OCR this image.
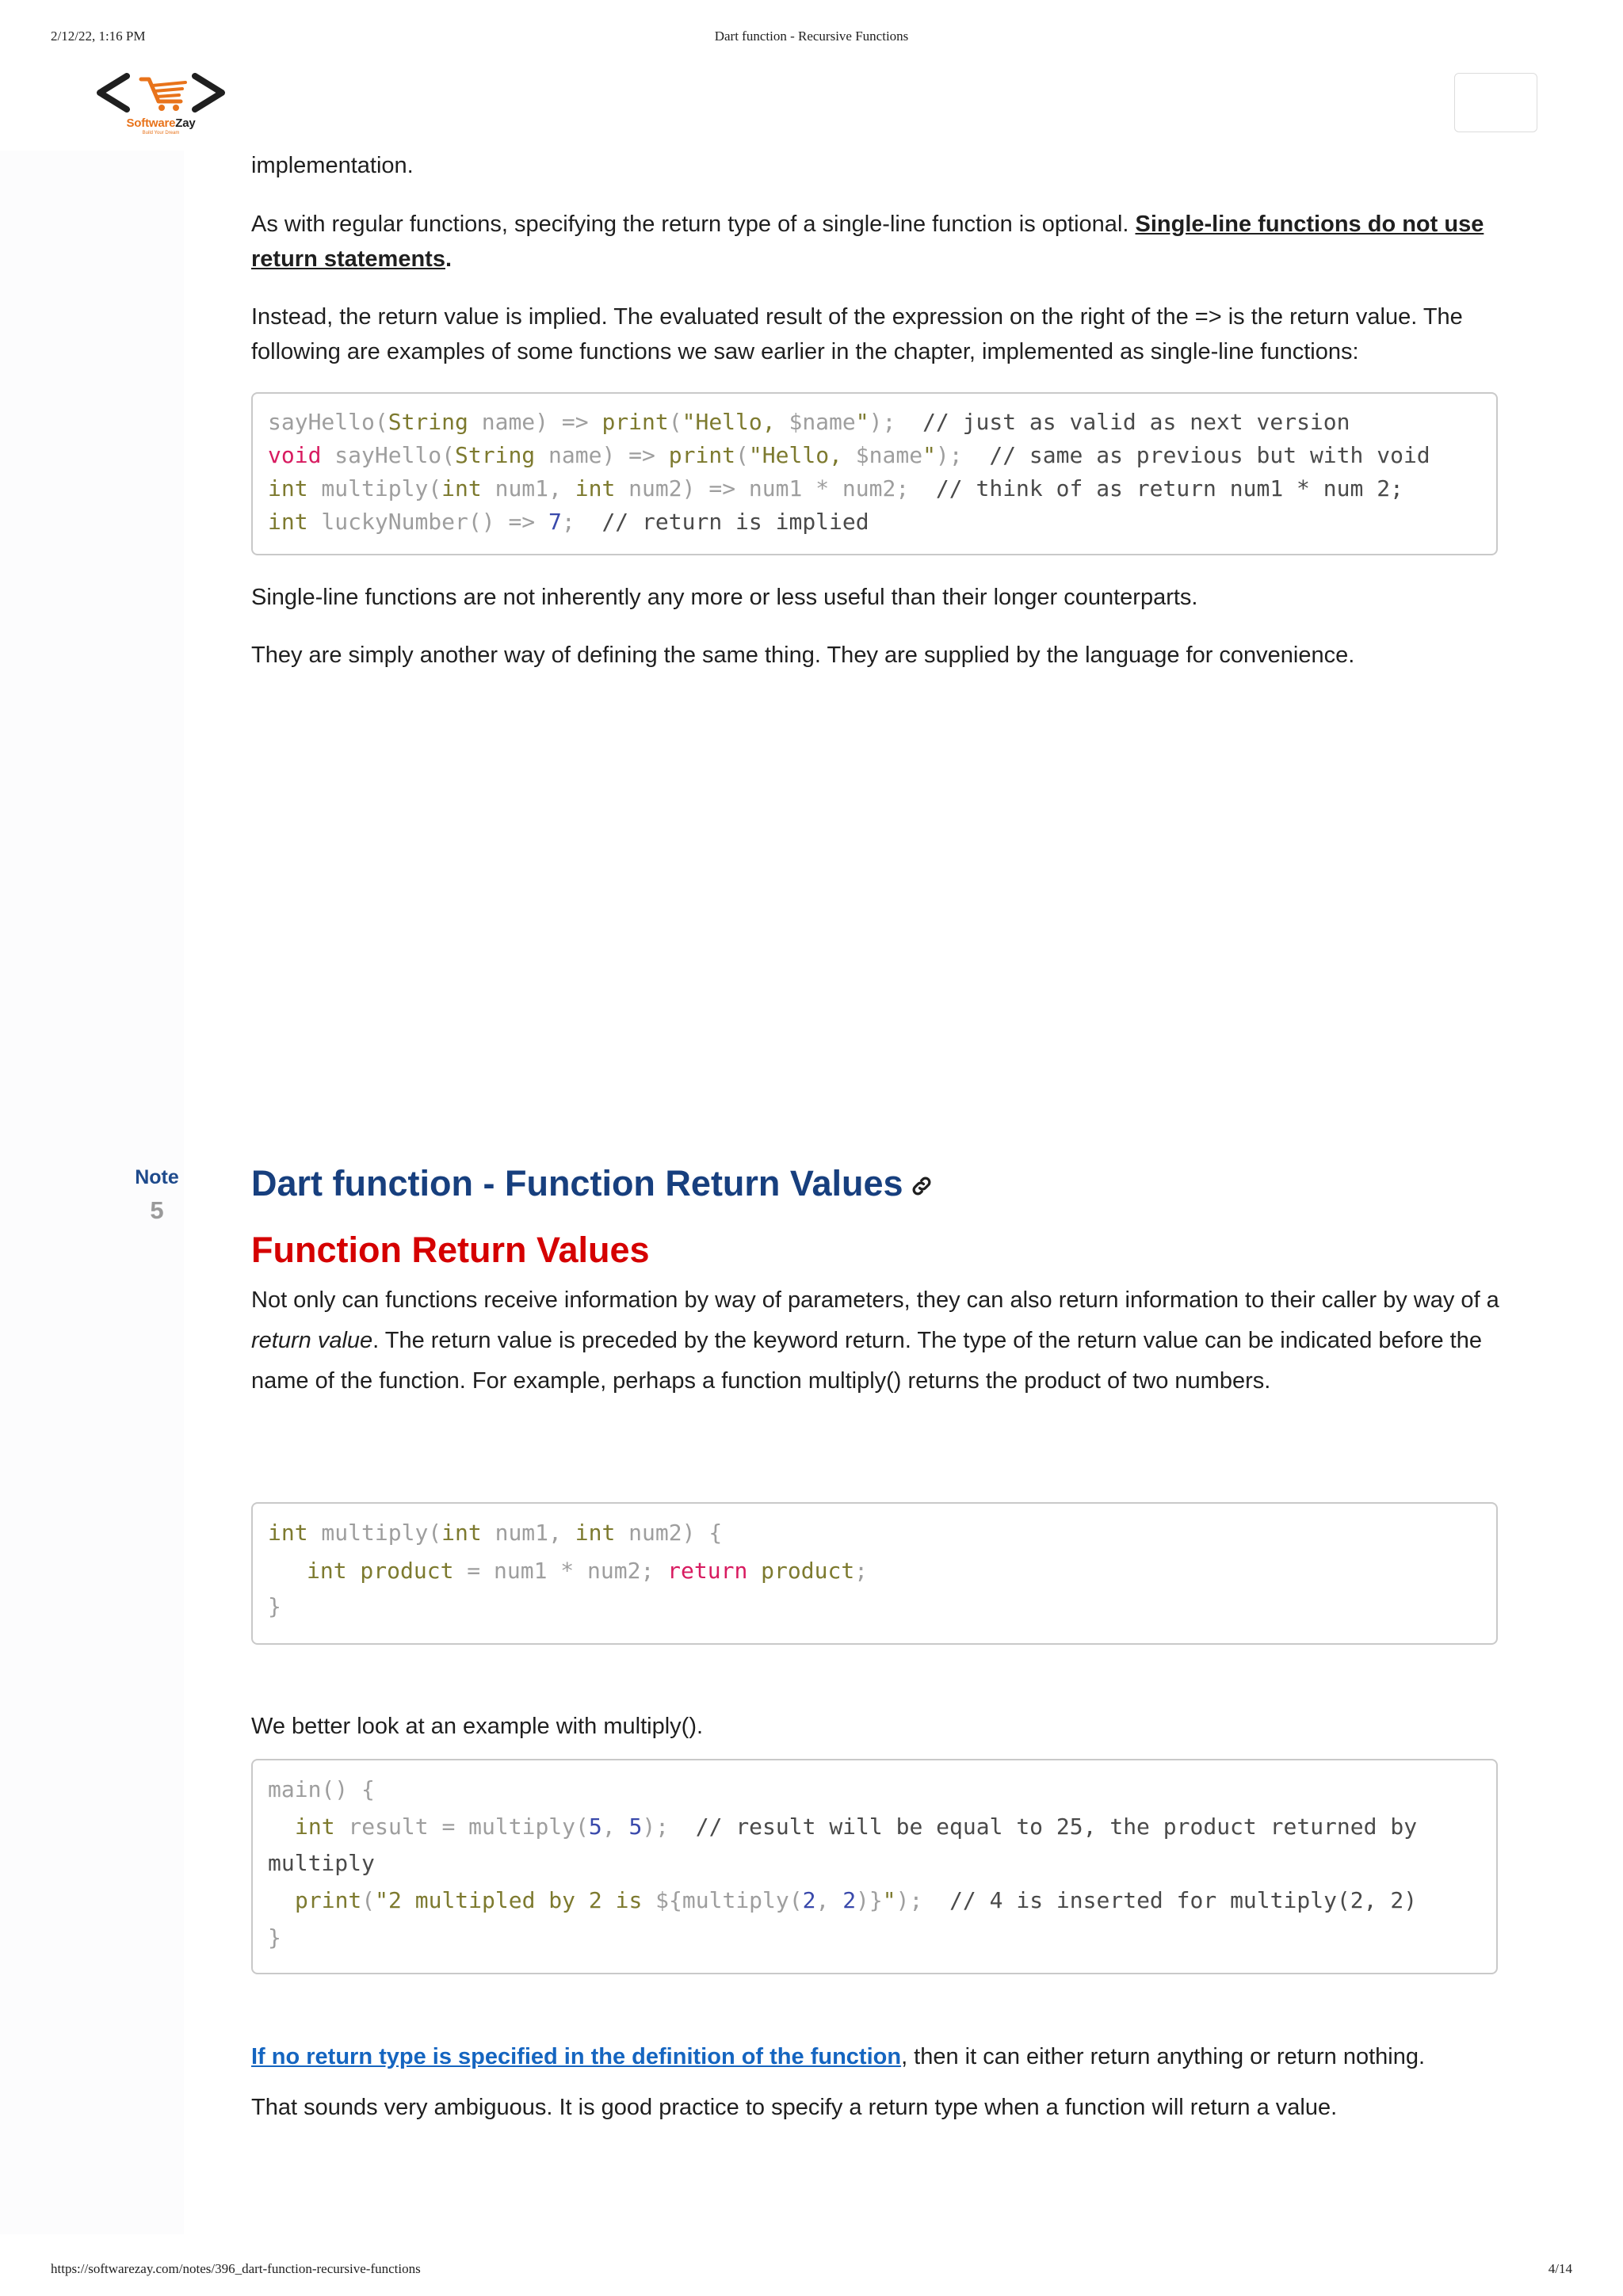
2/12/22, 1:16 PM	Dart function - Recursive Functions
SoftwareZay
Build Your Dream

implementation.

As with regular functions, specifying the return type of a single-line function is optional. Single-line functions do not use return statements.

Instead, the return value is implied. The evaluated result of the expression on the right of the => is the return value. The following are examples of some functions we saw earlier in the chapter, implemented as single-line functions:

sayHello(String name) => print("Hello, $name");  // just as valid as next version

void sayHello(String name) => print("Hello, $name");  // same as previous but with void

int multiply(int num1, int num2) => num1 * num2;  // think of as return num1 * num 2;

int luckyNumber() => 7;  // return is implied

Single-line functions are not inherently any more or less useful than their longer counterparts.

They are simply another way of defining the same thing. They are supplied by the language for convenience.

Note
5
Dart function - Function Return Values
Function Return Values

Not only can functions receive information by way of parameters, they can also return information to their caller by way of a return value. The return value is preceded by the keyword return. The type of the return value can be indicated before the name of the function. For example, perhaps a function multiply() returns the product of two numbers.

int multiply(int num1, int num2) {

int product = num1 * num2; return product;

}

We better look at an example with multiply().

main() {

int result = multiply(5, 5);  // result will be equal to 25, the product returned by

multiply

print("2 multipled by 2 is ${multiply(2, 2)}");  // 4 is inserted for multiply(2, 2)

}

If no return type is specified in the definition of the function, then it can either return anything or return nothing.

That sounds very ambiguous. It is good practice to specify a return type when a function will return a value.

https://softwarezay.com/notes/396_dart-function-recursive-functions	4/14
